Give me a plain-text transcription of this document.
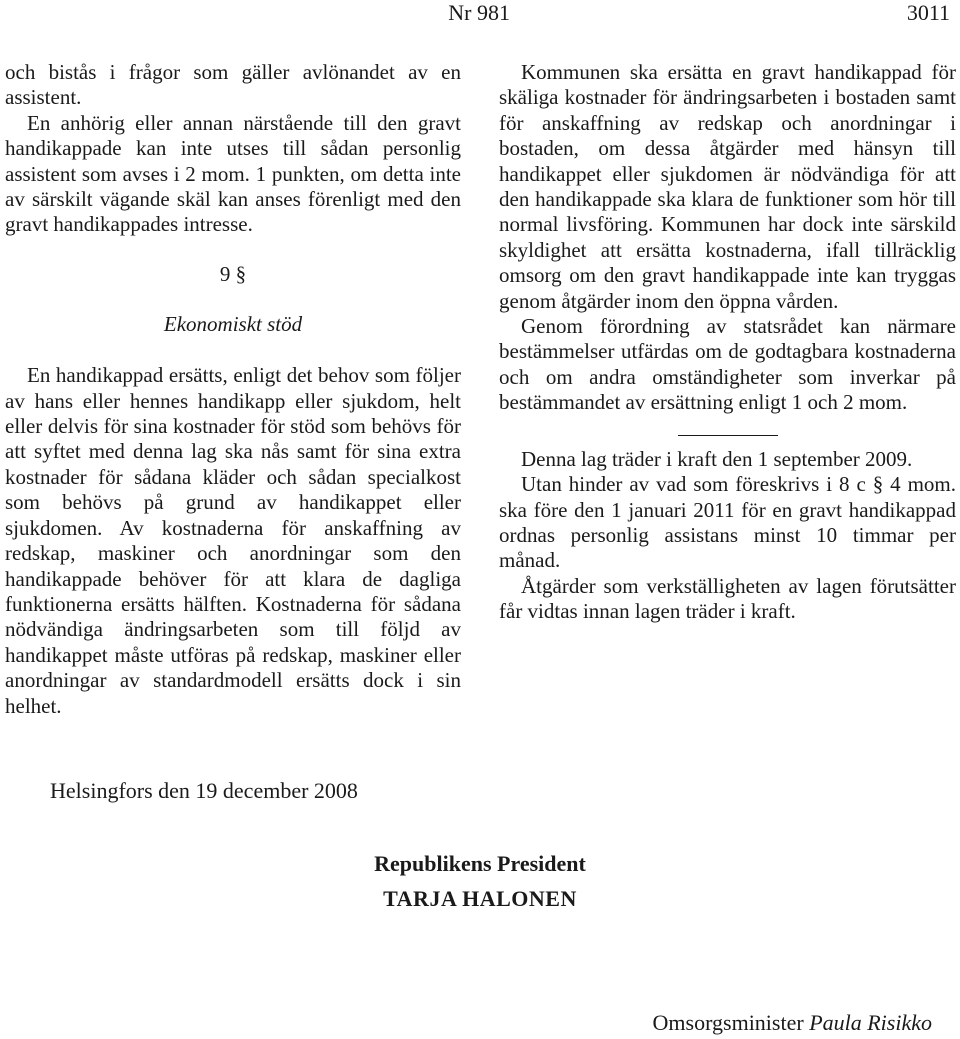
Nr 981	3011

och bistås i frågor som gäller avlönandet av en assistent.

En anhörig eller annan närstående till den gravt handikappade kan inte utses till sådan personlig assistent som avses i 2 mom. 1 punkten, om detta inte av särskilt vägande skäl kan anses förenligt med den gravt handikappades intresse.

9 §
Ekonomiskt stöd

En handikappad ersätts, enligt det behov som följer av hans eller hennes handikapp eller sjukdom, helt eller delvis för sina kostnader för stöd som behövs för att syftet med denna lag ska nås samt för sina extra kostnader för sådana kläder och sådan specialkost som behövs på grund av handikappet eller sjukdomen. Av kostnaderna för anskaffning av redskap, maskiner och anordningar som den handikappade behöver för att klara de dagliga funktionerna ersätts hälften. Kostnaderna för sådana nödvändiga ändringsarbeten som till följd av handikappet måste utföras på redskap, maskiner eller anordningar av standardmodell ersätts dock i sin helhet.

Kommunen ska ersätta en gravt handikappad för skäliga kostnader för ändringsarbeten i bostaden samt för anskaffning av redskap och anordningar i bostaden, om dessa åtgärder med hänsyn till handikappet eller sjukdomen är nödvändiga för att den handikappade ska klara de funktioner som hör till normal livsföring. Kommunen har dock inte särskild skyldighet att ersätta kostnaderna, ifall tillräcklig omsorg om den gravt handikappade inte kan tryggas genom åtgärder inom den öppna vården.

Genom förordning av statsrådet kan närmare bestämmelser utfärdas om de godtagbara kostnaderna och om andra omständigheter som inverkar på bestämmandet av ersättning enligt 1 och 2 mom.

Denna lag träder i kraft den 1 september 2009.

Utan hinder av vad som föreskrivs i 8 c § 4 mom. ska före den 1 januari 2011 för en gravt handikappad ordnas personlig assistans minst 10 timmar per månad.

Åtgärder som verkställigheten av lagen förutsätter får vidtas innan lagen träder i kraft.

Helsingfors den 19 december 2008
Republikens President
TARJA HALONEN
Omsorgsminister Paula Risikko
